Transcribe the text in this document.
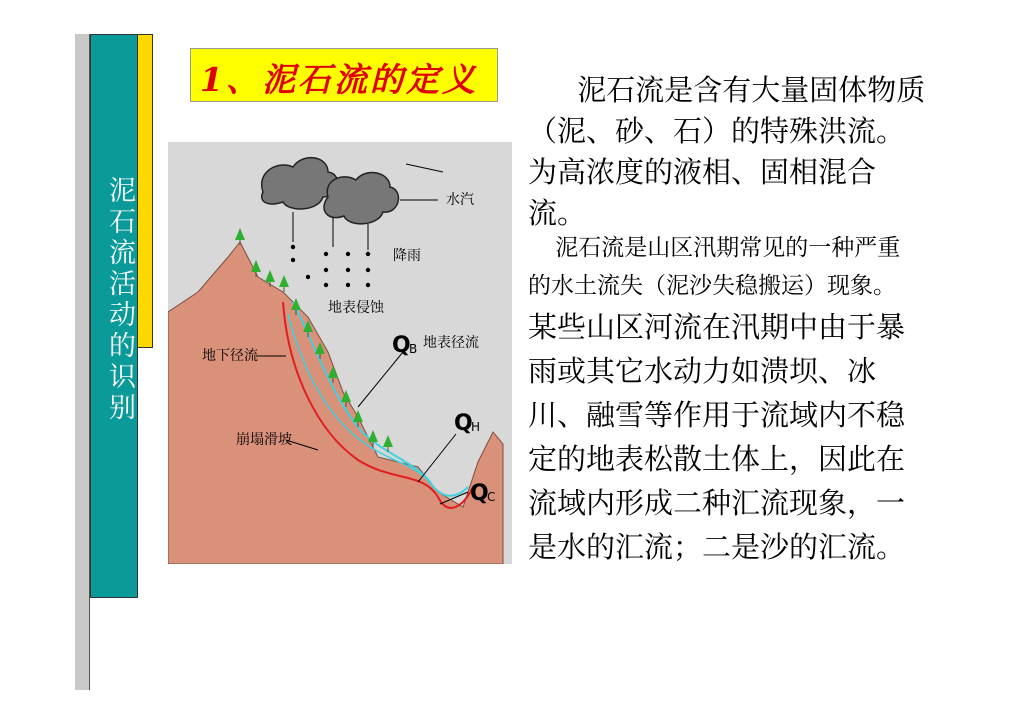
泥石流活动的识别
1、泥石流的定义
水汽
降雨
地表侵蚀
地下径流
地表径流
崩塌滑坡
Q
B
Q
H
Q
C

泥石流是含有大量固体物质（泥、砂、石）的特殊洪流。为高浓度的液相、固相混合流。

泥石流是山区汛期常见的一种严重的水土流失（泥沙失稳搬运）现象。某些山区河流在汛期中由于暴雨或其它水动力如溃坝、冰川、融雪等作用于流域内不稳定的地表松散土体上，因此在流域内形成二种汇流现象，一是水的汇流；二是沙的汇流。
